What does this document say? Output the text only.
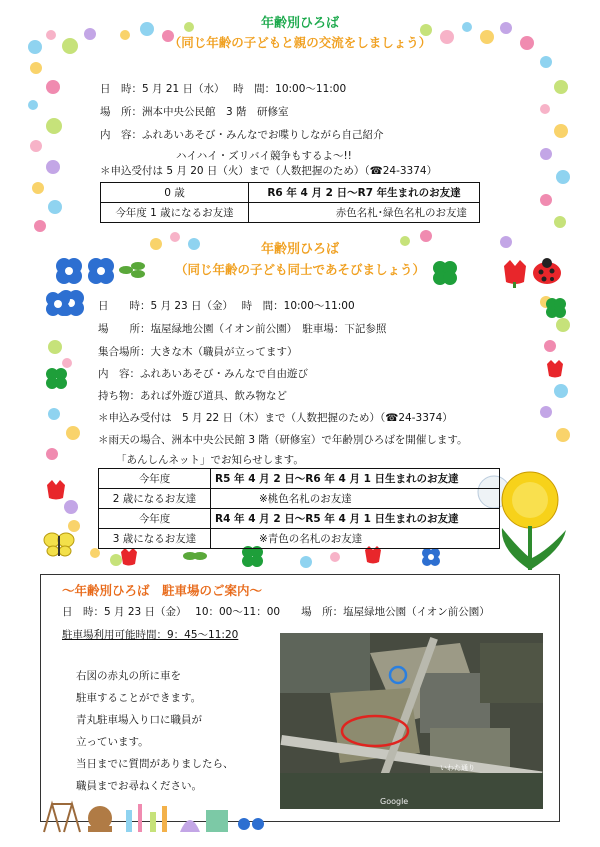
年齢別ひろば
（同じ年齢の子どもと親の交流をしましょう）
日　時：5 月 21 日（水）　 時　間：10:00～11:00
場　所：洲本中央公民館　3 階　研修室
内　容：ふれあいあそび・みんなでお喋りしながら自己紹介
ハイハイ・ズリバイ競争もするよ～!!
＊申込受付は 5 月 20 日（火）まで（人数把握のため）（☎24-3374）
0 歳	R6 年 4 月 2 日～R7 年生まれのお友達
今年度 1 歳になるお友達	赤色名札･緑色名札のお友達
年齢別ひろば
（同じ年齢の子ども同士であそびましょう）
日　　時：5 月 23 日（金）　 時　間：10:00～11:00
場　　所：塩屋緑地公園（イオン前公園）　駐車場：下記参照
集合場所：大きな木（職員が立ってます）
内　容：ふれあいあそび・みんなで自由遊び
持ち物：あれば外遊び道具、飲み物など
＊申込み受付は　5 月 22 日（木）まで（人数把握のため）（☎24-3374）
＊雨天の場合、洲本中央公民館 3 階（研修室）で年齢別ひろばを開催します。
「あんしんネット」でお知らせします。
今年度	R5 年 4 月 2 日～R6 年 4 月 1 日生まれのお友達
2 歳になるお友達	※桃色名札のお友達
今年度	R4 年 4 月 2 日～R5 年 4 月 1 日生まれのお友達
3 歳になるお友達	※青色の名札のお友達
～年齢別ひろば　駐車場のご案内～
日　時：5 月 23 日（金）　 10：00～11：00　　場　所：塩屋緑地公園（イオン前公園）
駐車場利用可能時間：9：45～11:20
右図の赤丸の所に車を
駐車することができます。
青丸駐車場入り口に職員が
立っています。
当日までに質問がありましたら、
職員までお尋ねください。
いわた通り
Google
